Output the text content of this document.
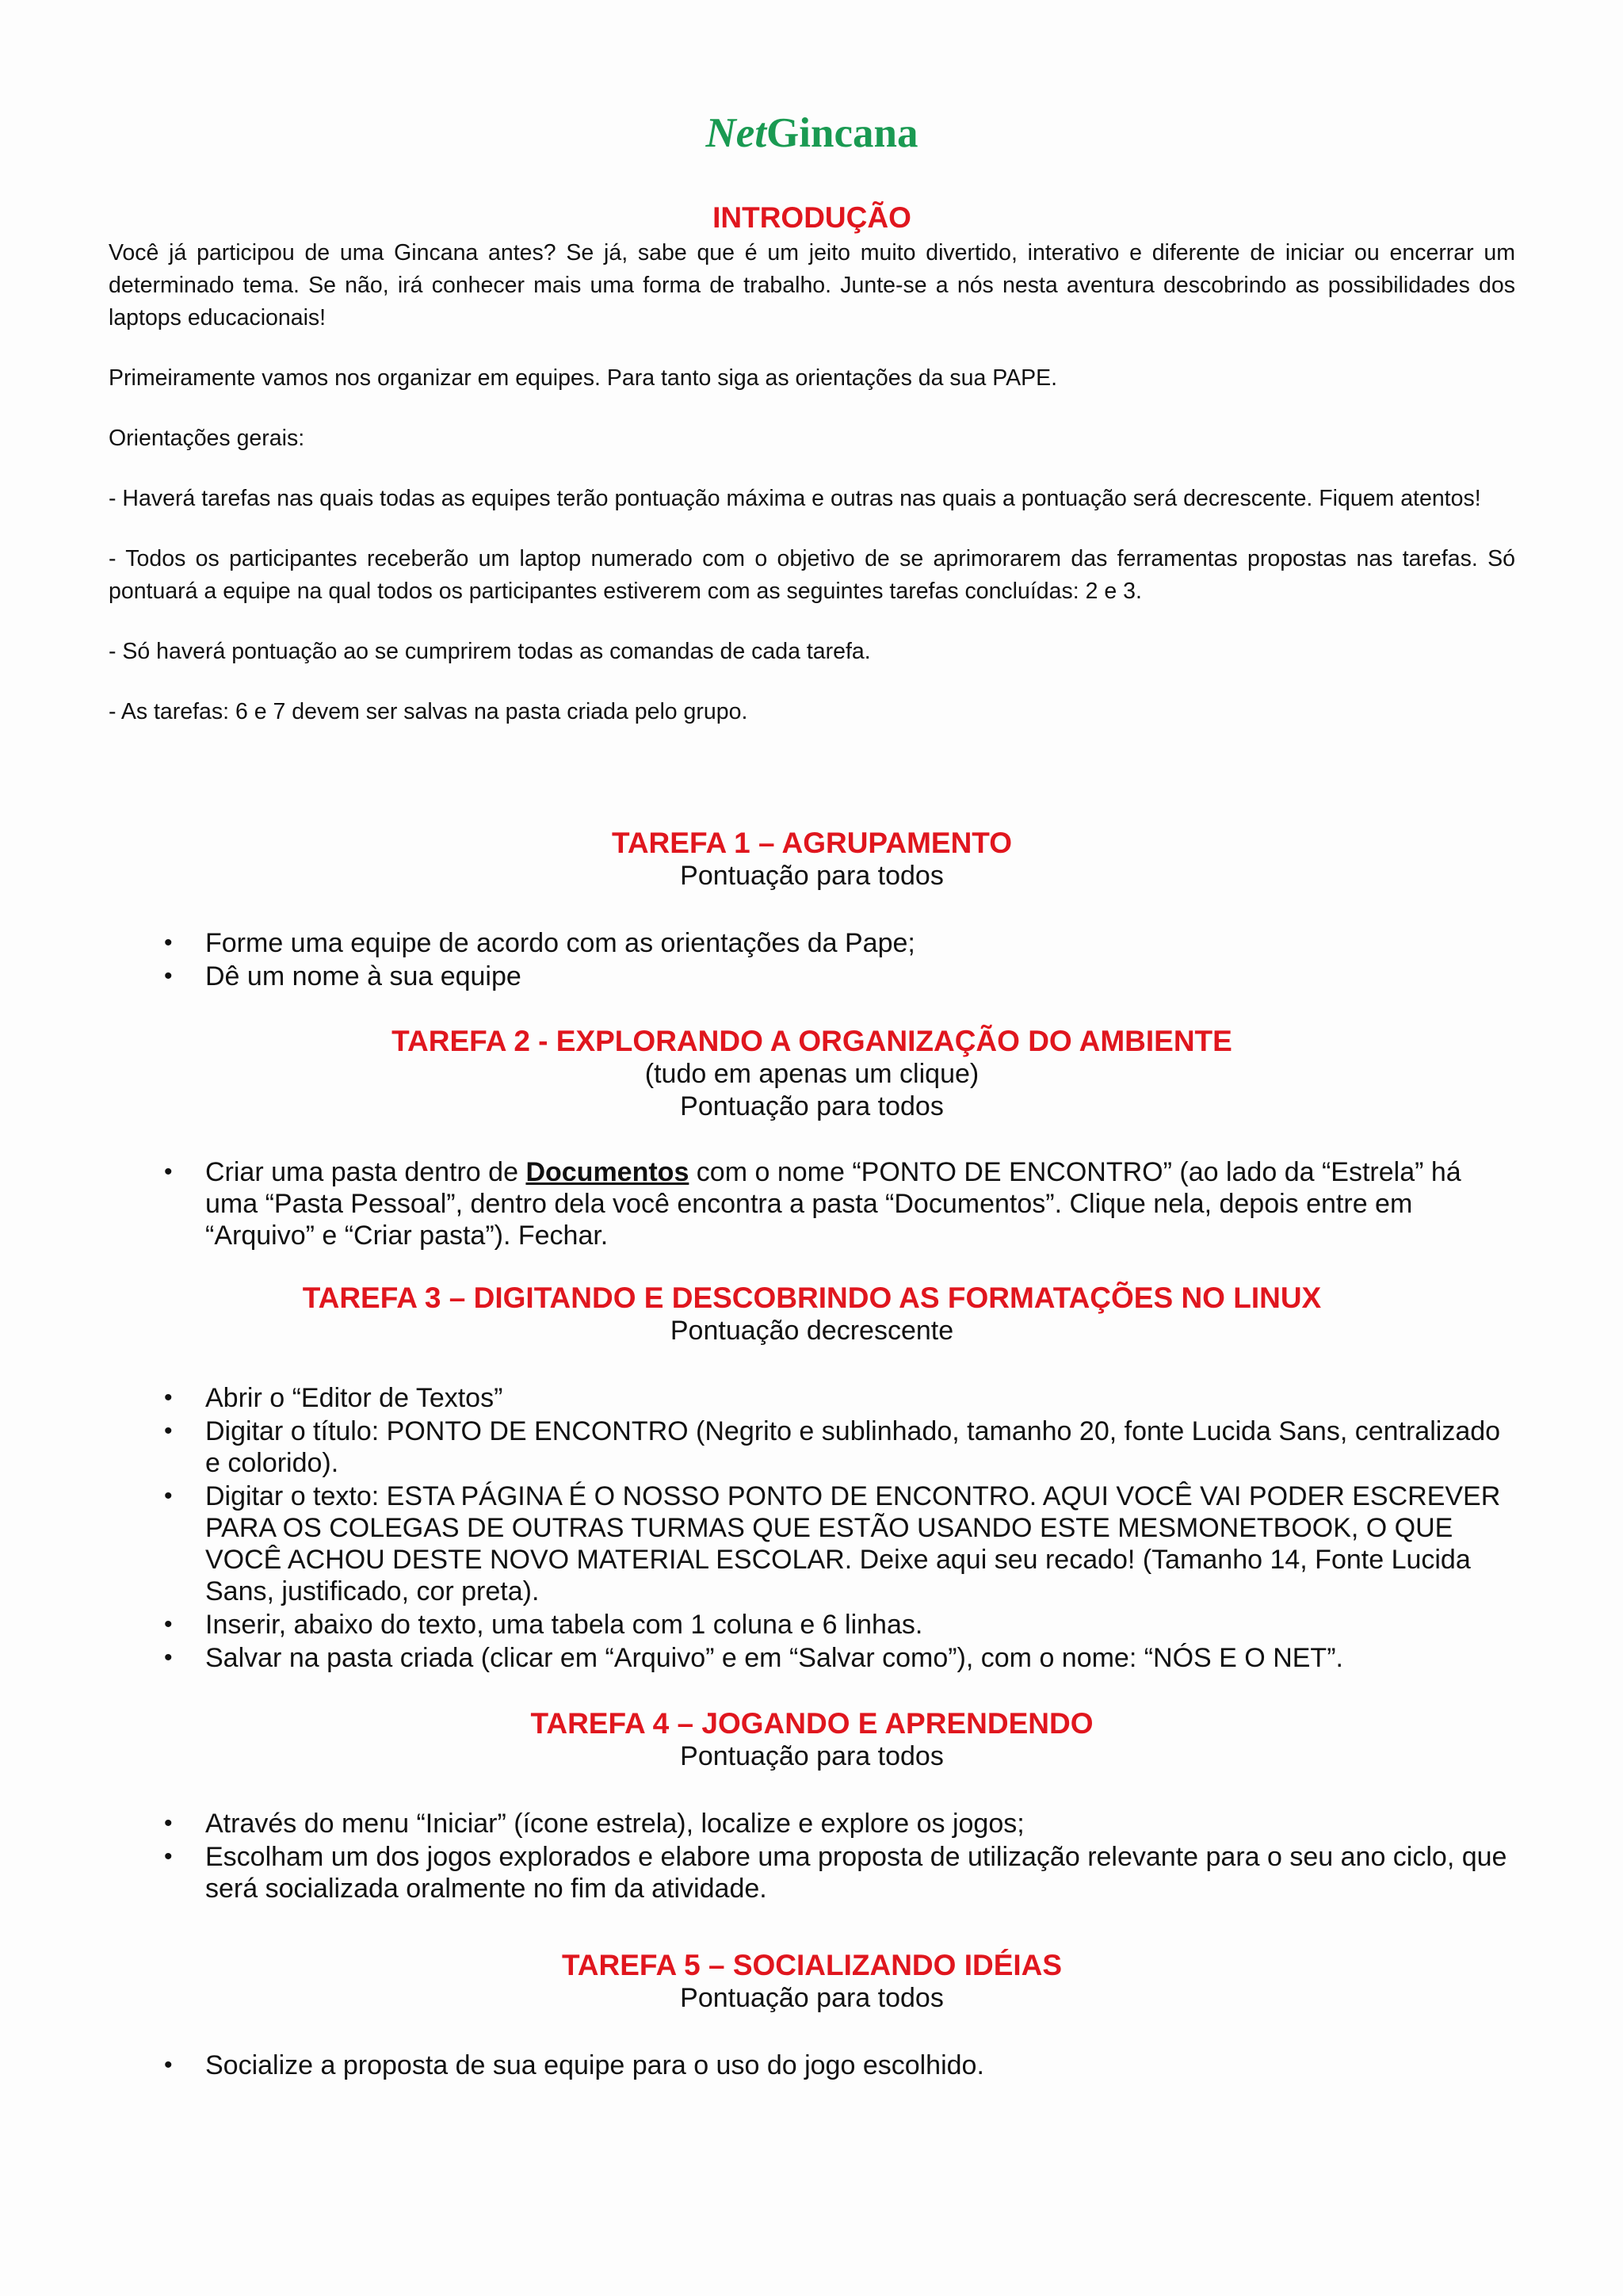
NetGincana
INTRODUÇÃO

Você já participou de uma Gincana antes? Se já, sabe que é um jeito muito divertido, interativo e diferente de iniciar ou encerrar um determinado tema. Se não, irá conhecer mais uma forma de trabalho. Junte-se a nós nesta aventura descobrindo as possibilidades dos laptops educacionais!

Primeiramente vamos nos organizar em equipes. Para tanto siga as orientações da sua PAPE.

Orientações gerais:

- Haverá tarefas nas quais todas as equipes terão pontuação máxima e outras nas quais a pontuação será decrescente. Fiquem atentos!

- Todos os participantes receberão um laptop numerado com o objetivo de se aprimorarem das ferramentas propostas nas tarefas. Só pontuará a equipe na qual todos os participantes estiverem com as seguintes tarefas concluídas: 2 e 3.

- Só haverá pontuação ao se cumprirem todas as comandas de cada tarefa.

- As tarefas: 6 e 7 devem ser salvas na pasta criada pelo grupo.

TAREFA 1 – AGRUPAMENTO

Pontuação para todos

• Forme uma equipe de acordo com as orientações da Pape;
• Dê um nome à sua equipe
TAREFA 2 - EXPLORANDO A ORGANIZAÇÃO DO AMBIENTE

(tudo em apenas um clique)

Pontuação para todos

• Criar uma pasta dentro de Documentos com o nome “PONTO DE ENCONTRO” (ao lado da “Estrela” há uma “Pasta Pessoal”, dentro dela você encontra a pasta “Documentos”. Clique nela, depois entre em “Arquivo” e “Criar pasta”). Fechar.
TAREFA 3 – DIGITANDO E DESCOBRINDO AS FORMATAÇÕES NO LINUX

Pontuação decrescente

• Abrir o “Editor de Textos”
• Digitar o título: PONTO DE ENCONTRO (Negrito e sublinhado, tamanho 20, fonte Lucida Sans, centralizado e colorido).
• Digitar o texto: ESTA PÁGINA É O NOSSO PONTO DE ENCONTRO. AQUI VOCÊ VAI PODER ESCREVER PARA OS COLEGAS DE OUTRAS TURMAS QUE ESTÃO USANDO ESTE MESMONETBOOK, O QUE VOCÊ ACHOU DESTE NOVO MATERIAL ESCOLAR. Deixe aqui seu recado! (Tamanho 14, Fonte Lucida Sans, justificado, cor preta).
• Inserir, abaixo do texto, uma tabela com 1 coluna e 6 linhas.
• Salvar na pasta criada (clicar em “Arquivo” e em “Salvar como”), com o nome: “NÓS E O NET”.
TAREFA 4 – JOGANDO E APRENDENDO

Pontuação para todos

• Através do menu “Iniciar” (ícone estrela), localize e explore os jogos;
• Escolham um dos jogos explorados e elabore uma proposta de utilização relevante para o seu ano ciclo, que será socializada oralmente no fim da atividade.
TAREFA 5 – SOCIALIZANDO IDÉIAS

Pontuação para todos

• Socialize a proposta de sua equipe para o uso do jogo escolhido.
